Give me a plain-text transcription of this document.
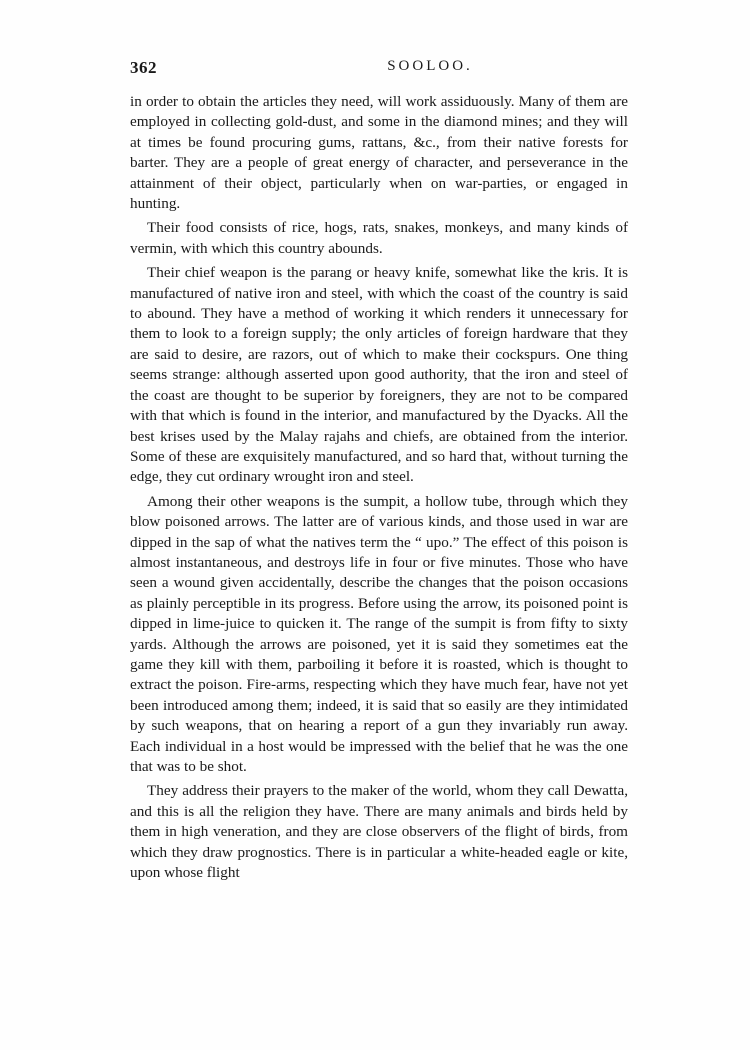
362	SOOLOO.

in order to obtain the articles they need, will work assiduously. Many of them are employed in collecting gold-dust, and some in the diamond mines; and they will at times be found procuring gums, rattans, &c., from their native forests for barter. They are a people of great energy of character, and perseverance in the attainment of their object, particularly when on war-parties, or engaged in hunting.

Their food consists of rice, hogs, rats, snakes, monkeys, and many kinds of vermin, with which this country abounds.

Their chief weapon is the parang or heavy knife, somewhat like the kris. It is manufactured of native iron and steel, with which the coast of the country is said to abound. They have a method of working it which renders it unnecessary for them to look to a foreign supply; the only articles of foreign hardware that they are said to desire, are razors, out of which to make their cockspurs. One thing seems strange: although asserted upon good authority, that the iron and steel of the coast are thought to be superior by foreigners, they are not to be compared with that which is found in the interior, and manufactured by the Dyacks. All the best krises used by the Malay rajahs and chiefs, are obtained from the interior. Some of these are exquisitely manufactured, and so hard that, without turning the edge, they cut ordinary wrought iron and steel.

Among their other weapons is the sumpit, a hollow tube, through which they blow poisoned arrows. The latter are of various kinds, and those used in war are dipped in the sap of what the natives term the “ upo.” The effect of this poison is almost instantaneous, and destroys life in four or five minutes. Those who have seen a wound given accidentally, describe the changes that the poison occasions as plainly perceptible in its progress. Before using the arrow, its poisoned point is dipped in lime-juice to quicken it. The range of the sumpit is from fifty to sixty yards. Although the arrows are poisoned, yet it is said they sometimes eat the game they kill with them, parboiling it before it is roasted, which is thought to extract the poison. Fire-arms, respecting which they have much fear, have not yet been introduced among them; indeed, it is said that so easily are they intimidated by such weapons, that on hearing a report of a gun they invariably run away. Each individual in a host would be impressed with the belief that he was the one that was to be shot.

They address their prayers to the maker of the world, whom they call Dewatta, and this is all the religion they have. There are many animals and birds held by them in high veneration, and they are close observers of the flight of birds, from which they draw prognostics. There is in particular a white-headed eagle or kite, upon whose flight
